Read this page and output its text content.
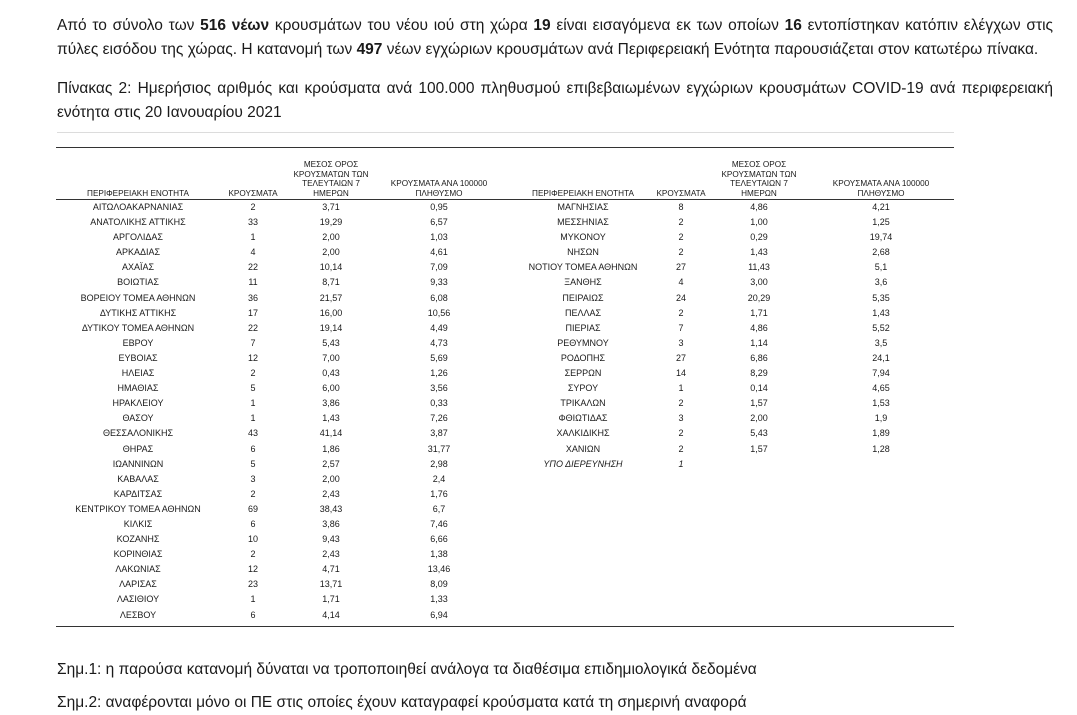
Από το σύνολο των 516 νέων κρουσμάτων του νέου ιού στη χώρα 19 είναι εισαγόμενα εκ των οποίων 16 εντοπίστηκαν κατόπιν ελέγχων στις πύλες εισόδου της χώρας. Η κατανομή των 497 νέων εγχώριων κρουσμάτων ανά Περιφερειακή Ενότητα παρουσιάζεται στον κατωτέρω πίνακα.

Πίνακας 2: Ημερήσιος αριθμός και κρούσματα ανά 100.000 πληθυσμού επιβεβαιωμένων εγχώριων κρουσμάτων COVID-19 ανά περιφερειακή ενότητα στις 20 Ιανουαρίου 2021

ΠΕΡΙΦΕΡΕΙΑΚΗ ΕΝΟΤΗΤΑ	ΚΡΟΥΣΜΑΤΑ	ΜΕΣΟΣ ΟΡΟΣ ΚΡΟΥΣΜΑΤΩΝ ΤΩΝ ΤΕΛΕΥΤΑΙΩΝ 7 ΗΜΕΡΩΝ	ΚΡΟΥΣΜΑΤΑ ΑΝΑ 100000 ΠΛΗΘΥΣΜΟ		ΠΕΡΙΦΕΡΕΙΑΚΗ ΕΝΟΤΗΤΑ	ΚΡΟΥΣΜΑΤΑ	ΜΕΣΟΣ ΟΡΟΣ ΚΡΟΥΣΜΑΤΩΝ ΤΩΝ ΤΕΛΕΥΤΑΙΩΝ 7 ΗΜΕΡΩΝ	ΚΡΟΥΣΜΑΤΑ ΑΝΑ 100000 ΠΛΗΘΥΣΜΟ
ΑΙΤΩΛΟΑΚΑΡΝΑΝΙΑΣ	2	3,71	0,95		ΜΑΓΝΗΣΙΑΣ	8	4,86	4,21
ΑΝΑΤΟΛΙΚΗΣ ΑΤΤΙΚΗΣ	33	19,29	6,57		ΜΕΣΣΗΝΙΑΣ	2	1,00	1,25
ΑΡΓΟΛΙΔΑΣ	1	2,00	1,03		ΜΥΚΟΝΟΥ	2	0,29	19,74
ΑΡΚΑΔΙΑΣ	4	2,00	4,61		ΝΗΣΩΝ	2	1,43	2,68
ΑΧΑΪΑΣ	22	10,14	7,09		ΝΟΤΙΟΥ ΤΟΜΕΑ ΑΘΗΝΩΝ	27	11,43	5,1
ΒΟΙΩΤΙΑΣ	11	8,71	9,33		ΞΑΝΘΗΣ	4	3,00	3,6
ΒΟΡΕΙΟΥ ΤΟΜΕΑ ΑΘΗΝΩΝ	36	21,57	6,08		ΠΕΙΡΑΙΩΣ	24	20,29	5,35
ΔΥΤΙΚΗΣ ΑΤΤΙΚΗΣ	17	16,00	10,56		ΠΕΛΛΑΣ	2	1,71	1,43
ΔΥΤΙΚΟΥ ΤΟΜΕΑ ΑΘΗΝΩΝ	22	19,14	4,49		ΠΙΕΡΙΑΣ	7	4,86	5,52
ΕΒΡΟΥ	7	5,43	4,73		ΡΕΘΥΜΝΟΥ	3	1,14	3,5
ΕΥΒΟΙΑΣ	12	7,00	5,69		ΡΟΔΟΠΗΣ	27	6,86	24,1
ΗΛΕΙΑΣ	2	0,43	1,26		ΣΕΡΡΩΝ	14	8,29	7,94
ΗΜΑΘΙΑΣ	5	6,00	3,56		ΣΥΡΟΥ	1	0,14	4,65
ΗΡΑΚΛΕΙΟΥ	1	3,86	0,33		ΤΡΙΚΑΛΩΝ	2	1,57	1,53
ΘΑΣΟΥ	1	1,43	7,26		ΦΘΙΩΤΙΔΑΣ	3	2,00	1,9
ΘΕΣΣΑΛΟΝΙΚΗΣ	43	41,14	3,87		ΧΑΛΚΙΔΙΚΗΣ	2	5,43	1,89
ΘΗΡΑΣ	6	1,86	31,77		ΧΑΝΙΩΝ	2	1,57	1,28
ΙΩΑΝΝΙΝΩΝ	5	2,57	2,98		ΥΠΟ ΔΙΕΡΕΥΝΗΣΗ	1		
ΚΑΒΑΛΑΣ	3	2,00	2,4					
ΚΑΡΔΙΤΣΑΣ	2	2,43	1,76					
ΚΕΝΤΡΙΚΟΥ ΤΟΜΕΑ ΑΘΗΝΩΝ	69	38,43	6,7					
ΚΙΛΚΙΣ	6	3,86	7,46					
ΚΟΖΑΝΗΣ	10	9,43	6,66					
ΚΟΡΙΝΘΙΑΣ	2	2,43	1,38					
ΛΑΚΩΝΙΑΣ	12	4,71	13,46					
ΛΑΡΙΣΑΣ	23	13,71	8,09					
ΛΑΣΙΘΙΟΥ	1	1,71	1,33					
ΛΕΣΒΟΥ	6	4,14	6,94					
Σημ.1: η παρούσα κατανομή δύναται να τροποποιηθεί ανάλογα τα διαθέσιμα επιδημιολογικά δεδομένα
Σημ.2: αναφέρονται μόνο οι ΠΕ στις οποίες έχουν καταγραφεί κρούσματα κατά τη σημερινή αναφορά
